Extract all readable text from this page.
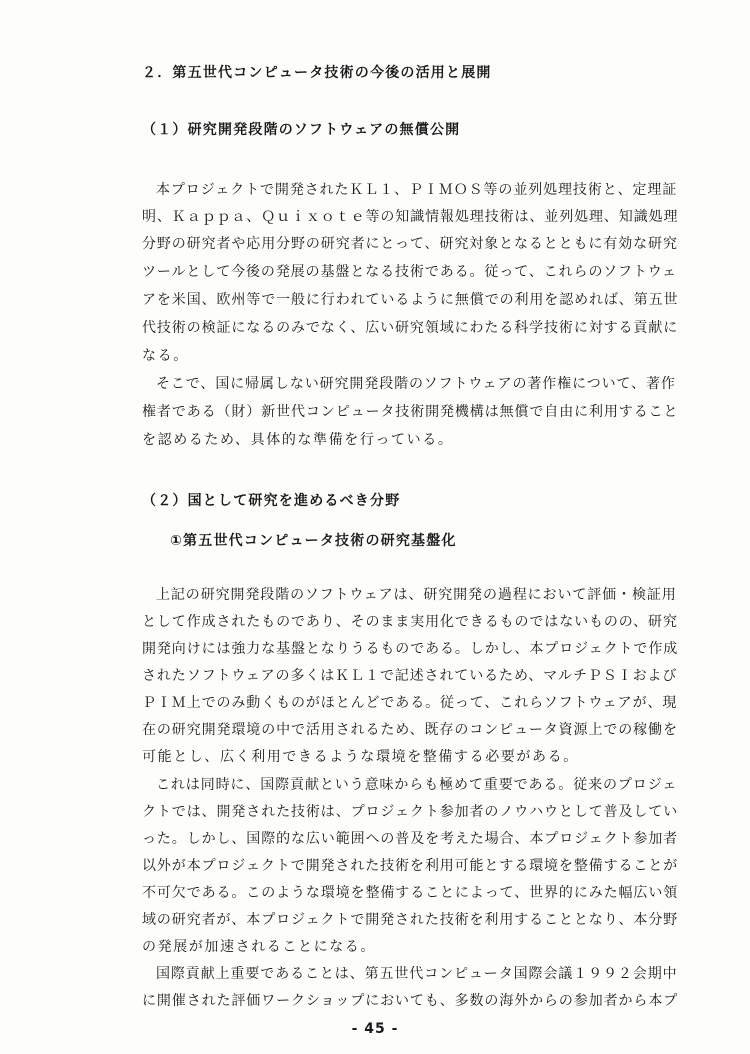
２．第五世代コンピュータ技術の今後の活用と展開
（１）研究開発段階のソフトウェアの無償公開
本プロジェクトで開発されたＫＬ１、ＰＩＭＯＳ等の並列処理技術と、定理証
明、Ｋａｐｐａ、Ｑｕｉｘｏｔｅ等の知識情報処理技術は、並列処理、知識処理
分野の研究者や応用分野の研究者にとって、研究対象となるとともに有効な研究
ツールとして今後の発展の基盤となる技術である。従って、これらのソフトウェ
アを米国、欧州等で一般に行われているように無償での利用を認めれば、第五世
代技術の検証になるのみでなく、広い研究領域にわたる科学技術に対する貢献に
なる。
そこで、国に帰属しない研究開発段階のソフトウェアの著作権について、著作
権者である（財）新世代コンピュータ技術開発機構は無償で自由に利用すること
を認めるため、具体的な準備を行っている。
（２）国として研究を進めるべき分野
①第五世代コンピュータ技術の研究基盤化
上記の研究開発段階のソフトウェアは、研究開発の過程において評価・検証用
として作成されたものであり、そのまま実用化できるものではないものの、研究
開発向けには強力な基盤となりうるものである。しかし、本プロジェクトで作成
されたソフトウェアの多くはＫＬ１で記述されているため、マルチＰＳＩおよび
ＰＩＭ上でのみ動くものがほとんどである。従って、これらソフトウェアが、現
在の研究開発環境の中で活用されるため、既存のコンピュータ資源上での稼働を
可能とし、広く利用できるような環境を整備する必要がある。
これは同時に、国際貢献という意味からも極めて重要である。従来のプロジェ
クトでは、開発された技術は、プロジェクト参加者のノウハウとして普及してい
った。しかし、国際的な広い範囲への普及を考えた場合、本プロジェクト参加者
以外が本プロジェクトで開発された技術を利用可能とする環境を整備することが
不可欠である。このような環境を整備することによって、世界的にみた幅広い領
域の研究者が、本プロジェクトで開発された技術を利用することとなり、本分野
の発展が加速されることになる。
国際貢献上重要であることは、第五世代コンピュータ国際会議１９９２会期中
に開催された評価ワークショップにおいても、多数の海外からの参加者から本プ
- 45 -
